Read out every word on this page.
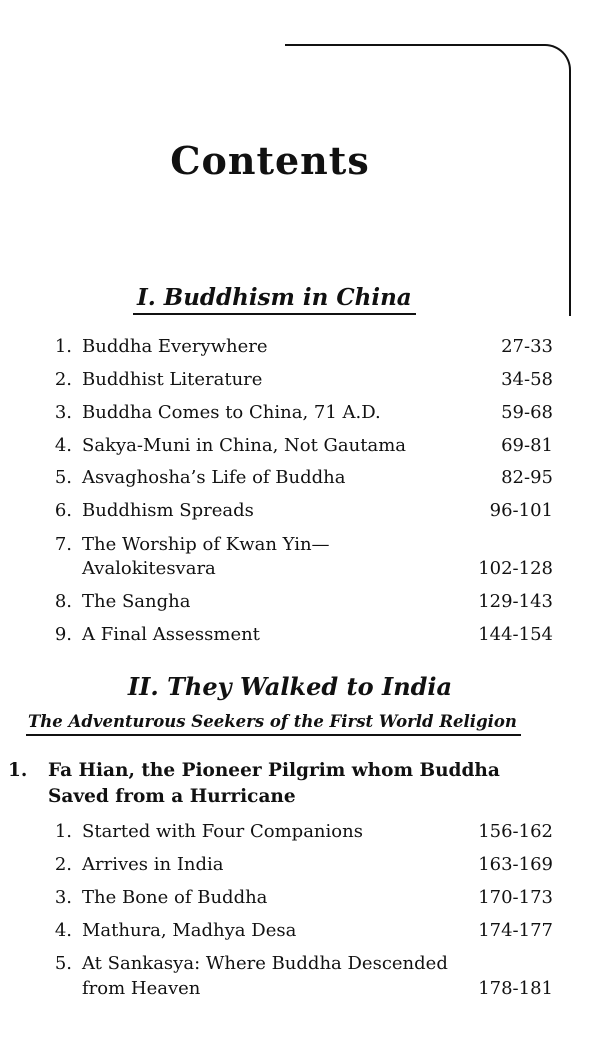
Contents
I. Buddhism in China
1. Buddha Everywhere	27-33
2. Buddhist Literature	34-58
3. Buddha Comes to China, 71 A.D.	59-68
4. Sakya-Muni in China, Not Gautama	69-81
5. Asvaghosha’s Life of Buddha	82-95
6. Buddhism Spreads	96-101
7. The Worship of Kwan Yin—
Avalokitesvara	102-128
8. The Sangha	129-143
9. A Final Assessment	144-154
II. They Walked to India
The Adventurous Seekers of the First World Religion
1. Fa Hian, the Pioneer Pilgrim whom Buddha
Saved from a Hurricane
1. Started with Four Companions	156-162
2. Arrives in India	163-169
3. The Bone of Buddha	170-173
4. Mathura, Madhya Desa	174-177
5. At Sankasya: Where Buddha Descended
from Heaven	178-181
